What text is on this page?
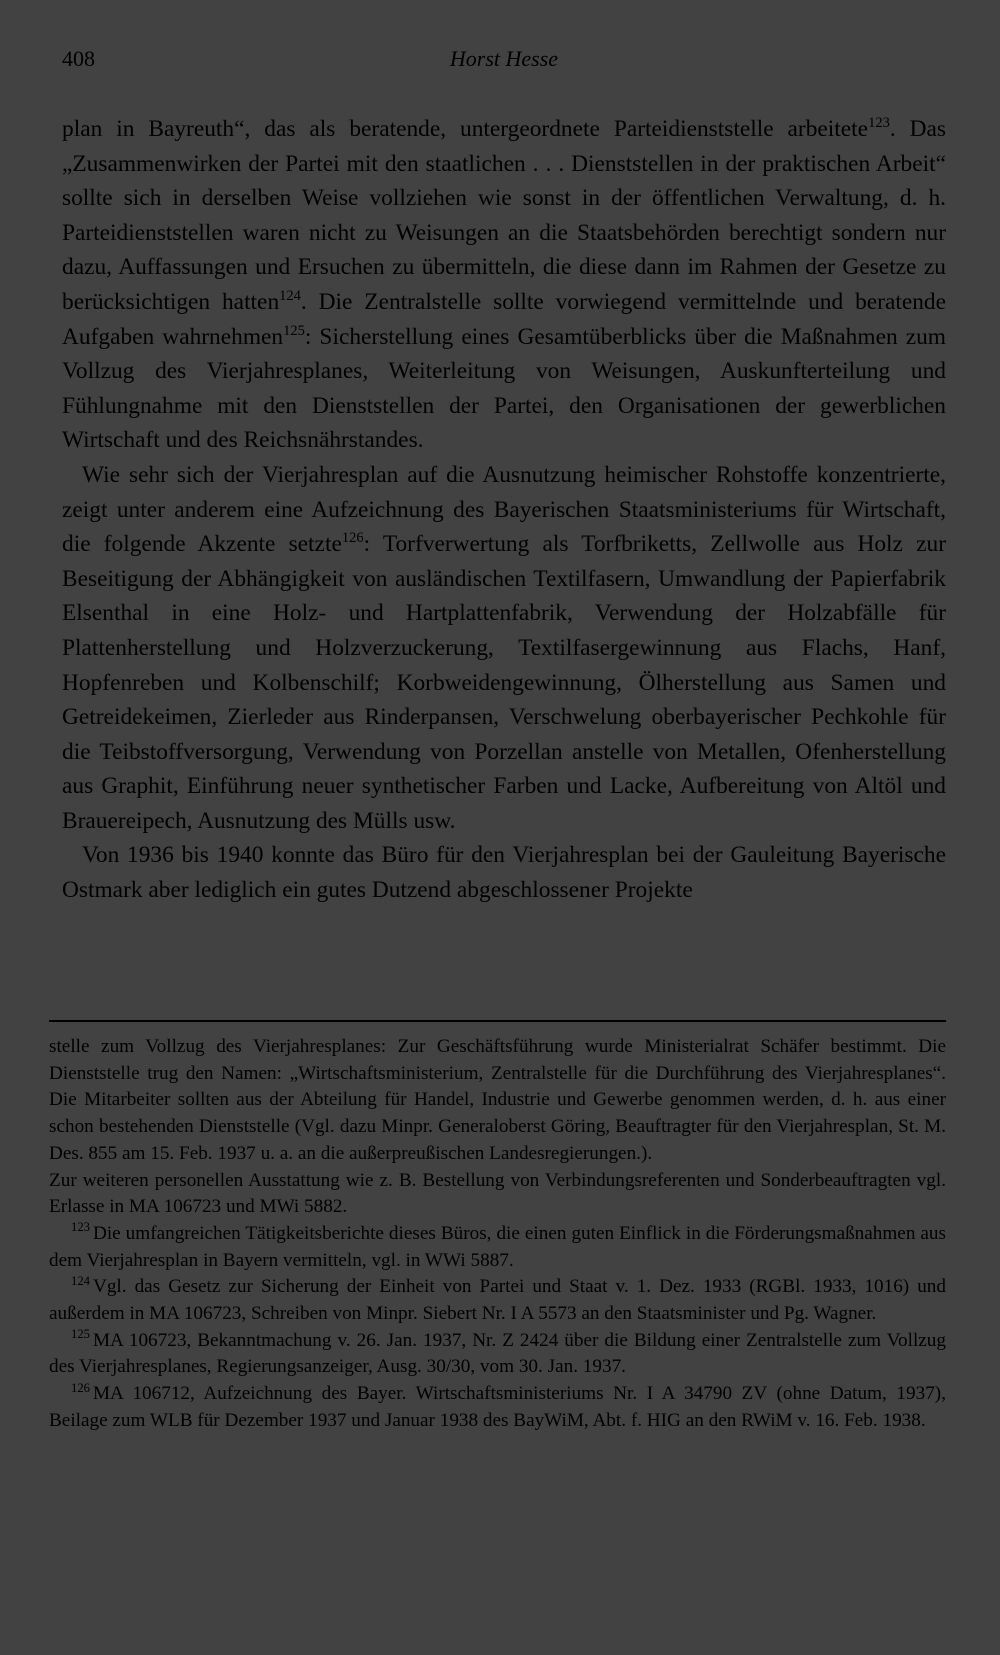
408	Horst Hesse

plan in Bayreuth“, das als beratende, untergeordnete Parteidienststelle arbeitete$^{123}$. Das „Zusammenwirken der Partei mit den staatlichen . . . Dienststellen in der praktischen Arbeit“ sollte sich in derselben Weise vollziehen wie sonst in der öffentlichen Verwaltung, d. h. Parteidienststellen waren nicht zu Weisungen an die Staatsbehörden berechtigt sondern nur dazu, Auffassungen und Ersuchen zu übermitteln, die diese dann im Rahmen der Gesetze zu berücksichtigen hatten$^{124}$. Die Zentralstelle sollte vorwiegend vermittelnde und beratende Aufgaben wahrnehmen$^{125}$: Sicherstellung eines Gesamtüberblicks über die Maßnahmen zum Vollzug des Vierjahresplanes, Weiterleitung von Weisungen, Auskunfterteilung und Fühlungnahme mit den Dienststellen der Partei, den Organisationen der gewerblichen Wirtschaft und des Reichsnährstandes.

Wie sehr sich der Vierjahresplan auf die Ausnutzung heimischer Rohstoffe konzentrierte, zeigt unter anderem eine Aufzeichnung des Bayerischen Staatsministeriums für Wirtschaft, die folgende Akzente setzte$^{126}$: Torfverwertung als Torfbriketts, Zellwolle aus Holz zur Beseitigung der Abhängigkeit von ausländischen Textilfasern, Umwandlung der Papierfabrik Elsenthal in eine Holz- und Hartplattenfabrik, Verwendung der Holzabfälle für Plattenherstellung und Holzverzuckerung, Textilfasergewinnung aus Flachs, Hanf, Hopfenreben und Kolbenschilf; Korbweidengewinnung, Ölherstellung aus Samen und Getreidekeimen, Zierleder aus Rinderpansen, Verschwelung oberbayerischer Pechkohle für die Teibstoffversorgung, Verwendung von Porzellan anstelle von Metallen, Ofenherstellung aus Graphit, Einführung neuer synthetischer Farben und Lacke, Aufbereitung von Altöl und Brauereipech, Ausnutzung des Mülls usw.

Von 1936 bis 1940 konnte das Büro für den Vierjahresplan bei der Gauleitung Bayerische Ostmark aber lediglich ein gutes Dutzend abgeschlossener Projekte

stelle zum Vollzug des Vierjahresplanes: Zur Geschäftsführung wurde Ministerialrat Schäfer bestimmt. Die Dienststelle trug den Namen: „Wirtschaftsministerium, Zentralstelle für die Durchführung des Vierjahresplanes“. Die Mitarbeiter sollten aus der Abteilung für Handel, Industrie und Gewerbe genommen werden, d. h. aus einer schon bestehenden Dienststelle (Vgl. dazu Minpr. Generaloberst Göring, Beauftragter für den Vierjahresplan, St. M. Des. 855 am 15. Feb. 1937 u. a. an die außerpreußischen Landesregierungen.).

Zur weiteren personellen Ausstattung wie z. B. Bestellung von Verbindungsreferenten und Sonderbeauftragten vgl. Erlasse in MA 106723 und MWi 5882.

$^{123}$ Die umfangreichen Tätigkeitsberichte dieses Büros, die einen guten Einflick in die Förderungsmaßnahmen aus dem Vierjahresplan in Bayern vermitteln, vgl. in WWi 5887.

$^{124}$ Vgl. das Gesetz zur Sicherung der Einheit von Partei und Staat v. 1. Dez. 1933 (RGBl. 1933, 1016) und außerdem in MA 106723, Schreiben von Minpr. Siebert Nr. I A 5573 an den Staatsminister und Pg. Wagner.

$^{125}$ MA 106723, Bekanntmachung v. 26. Jan. 1937, Nr. Z 2424 über die Bildung einer Zentralstelle zum Vollzug des Vierjahresplanes, Regierungsanzeiger, Ausg. 30/30, vom 30. Jan. 1937.

$^{126}$ MA 106712, Aufzeichnung des Bayer. Wirtschaftsministeriums Nr. I A 34790 ZV (ohne Datum, 1937), Beilage zum WLB für Dezember 1937 und Januar 1938 des BayWiM, Abt. f. HIG an den RWiM v. 16. Feb. 1938.
